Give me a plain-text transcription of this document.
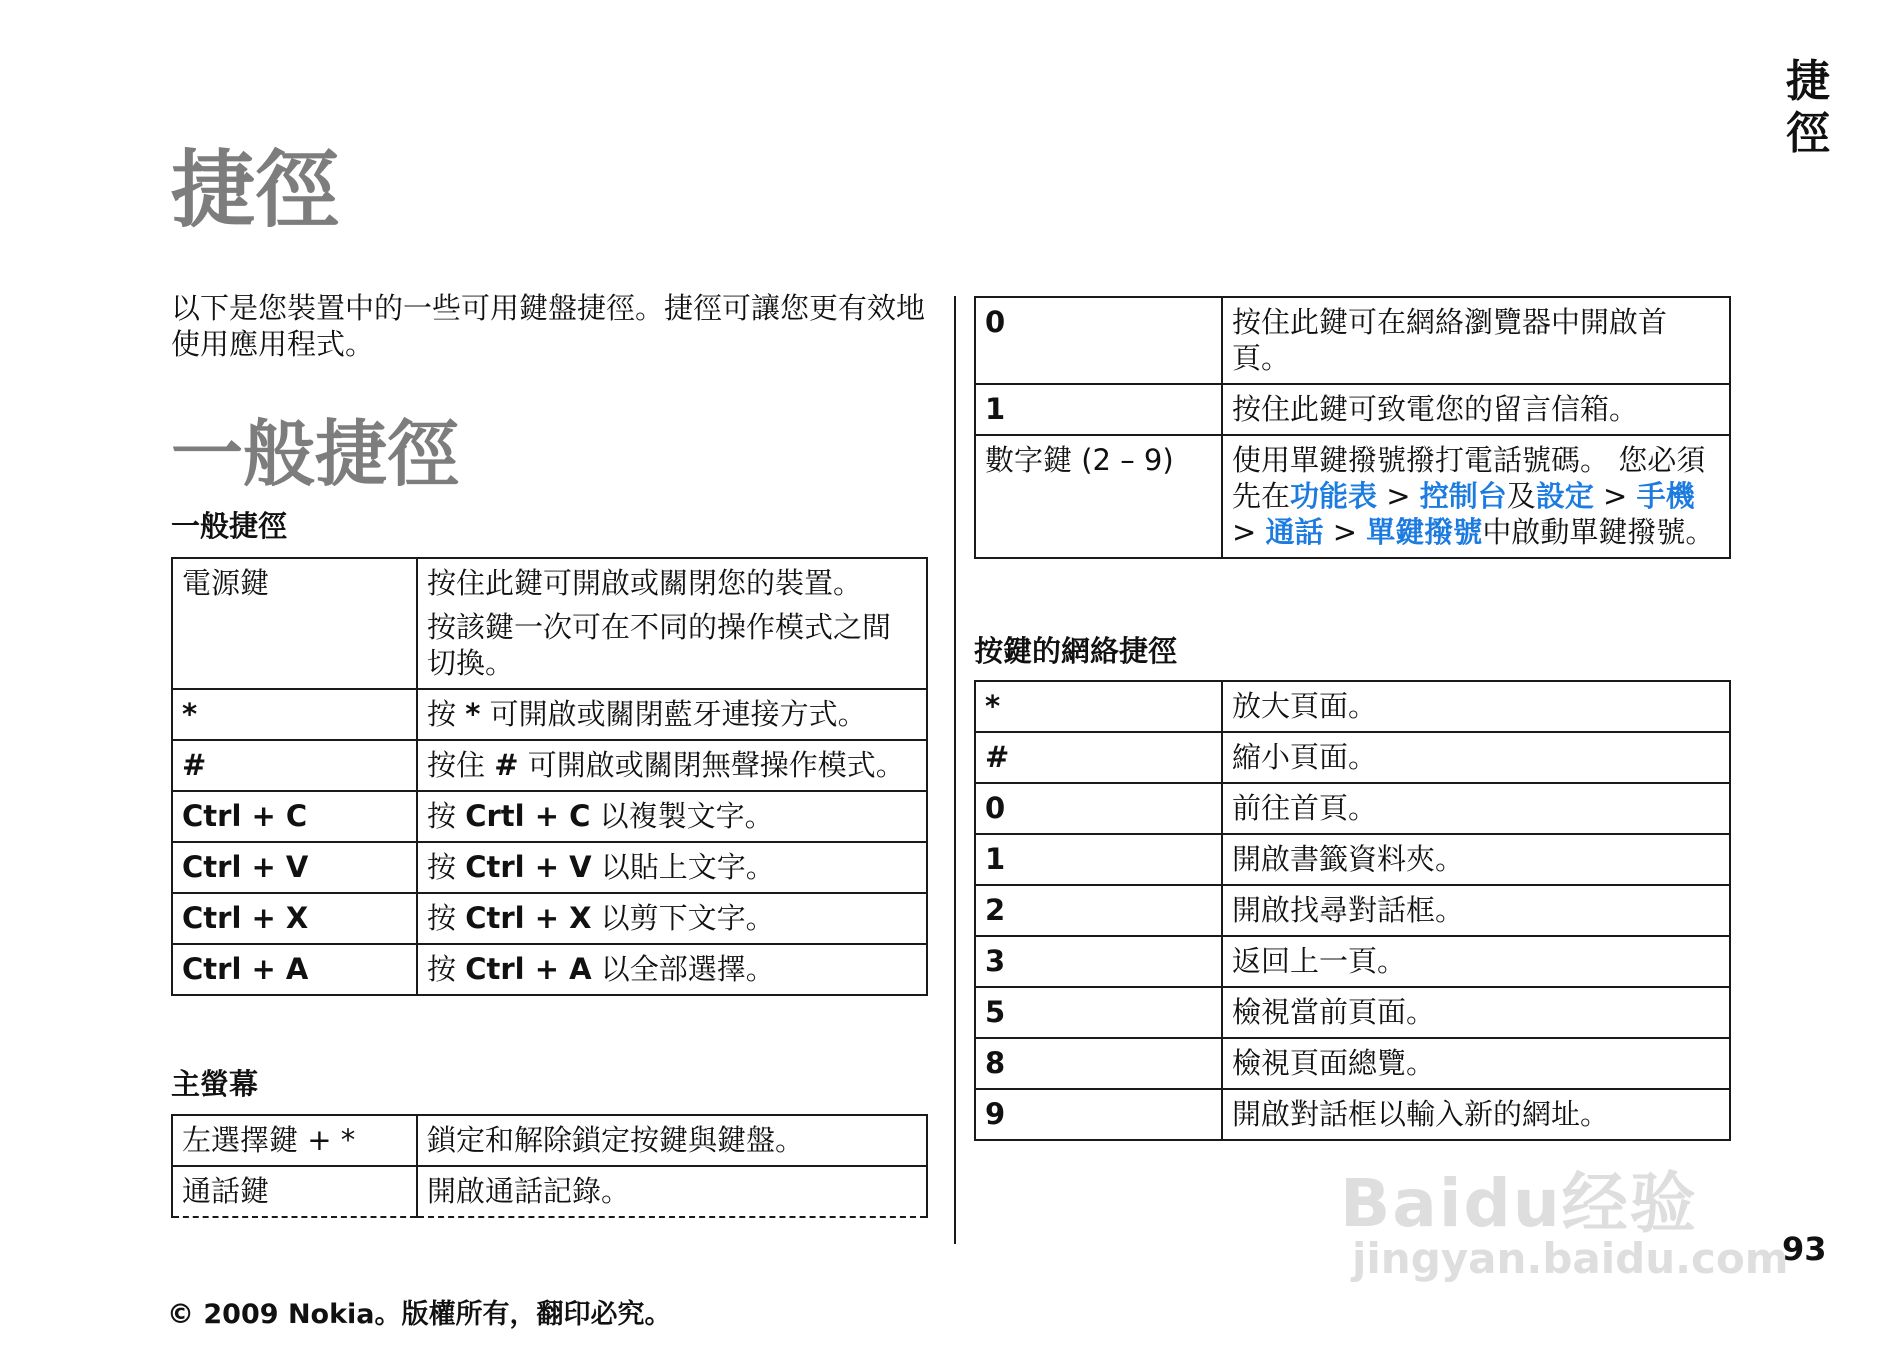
捷徑
捷徑
以下是您裝置中的一些可用鍵盤捷徑。捷徑可讓您更有效地使用應用程式。
一般捷徑
一般捷徑
電源鍵	按住此鍵可開啟或關閉您的裝置。
按該鍵一次可在不同的操作模式之間切換。

*	按 * 可開啟或關閉藍牙連接方式。
#	按住 # 可開啟或關閉無聲操作模式。
Ctrl + C	按 Crtl + C 以複製文字。
Ctrl + V	按 Ctrl + V 以貼上文字。
Ctrl + X	按 Ctrl + X 以剪下文字。
Ctrl + A	按 Ctrl + A 以全部選擇。
主螢幕
左選擇鍵 + *	鎖定和解除鎖定按鍵與鍵盤。
通話鍵	開啟通話記錄。
0	按住此鍵可在網絡瀏覽器中開啟首頁。
1	按住此鍵可致電您的留言信箱。
數字鍵 (2 – 9)	使用單鍵撥號撥打電話號碼。 您必須先在功能表 > 控制台及設定 > 手機 > 通話 > 單鍵撥號中啟動單鍵撥號。
按鍵的網絡捷徑
*	放大頁面。
#	縮小頁面。
0	前往首頁。
1	開啟書籤資料夾。
2	開啟找尋對話框。
3	返回上一頁。
5	檢視當前頁面。
8	檢視頁面總覽。
9	開啟對話框以輸入新的網址。
Baidu经验
jingyan.baidu.com
93
© 2009 Nokia。版權所有，翻印必究。
